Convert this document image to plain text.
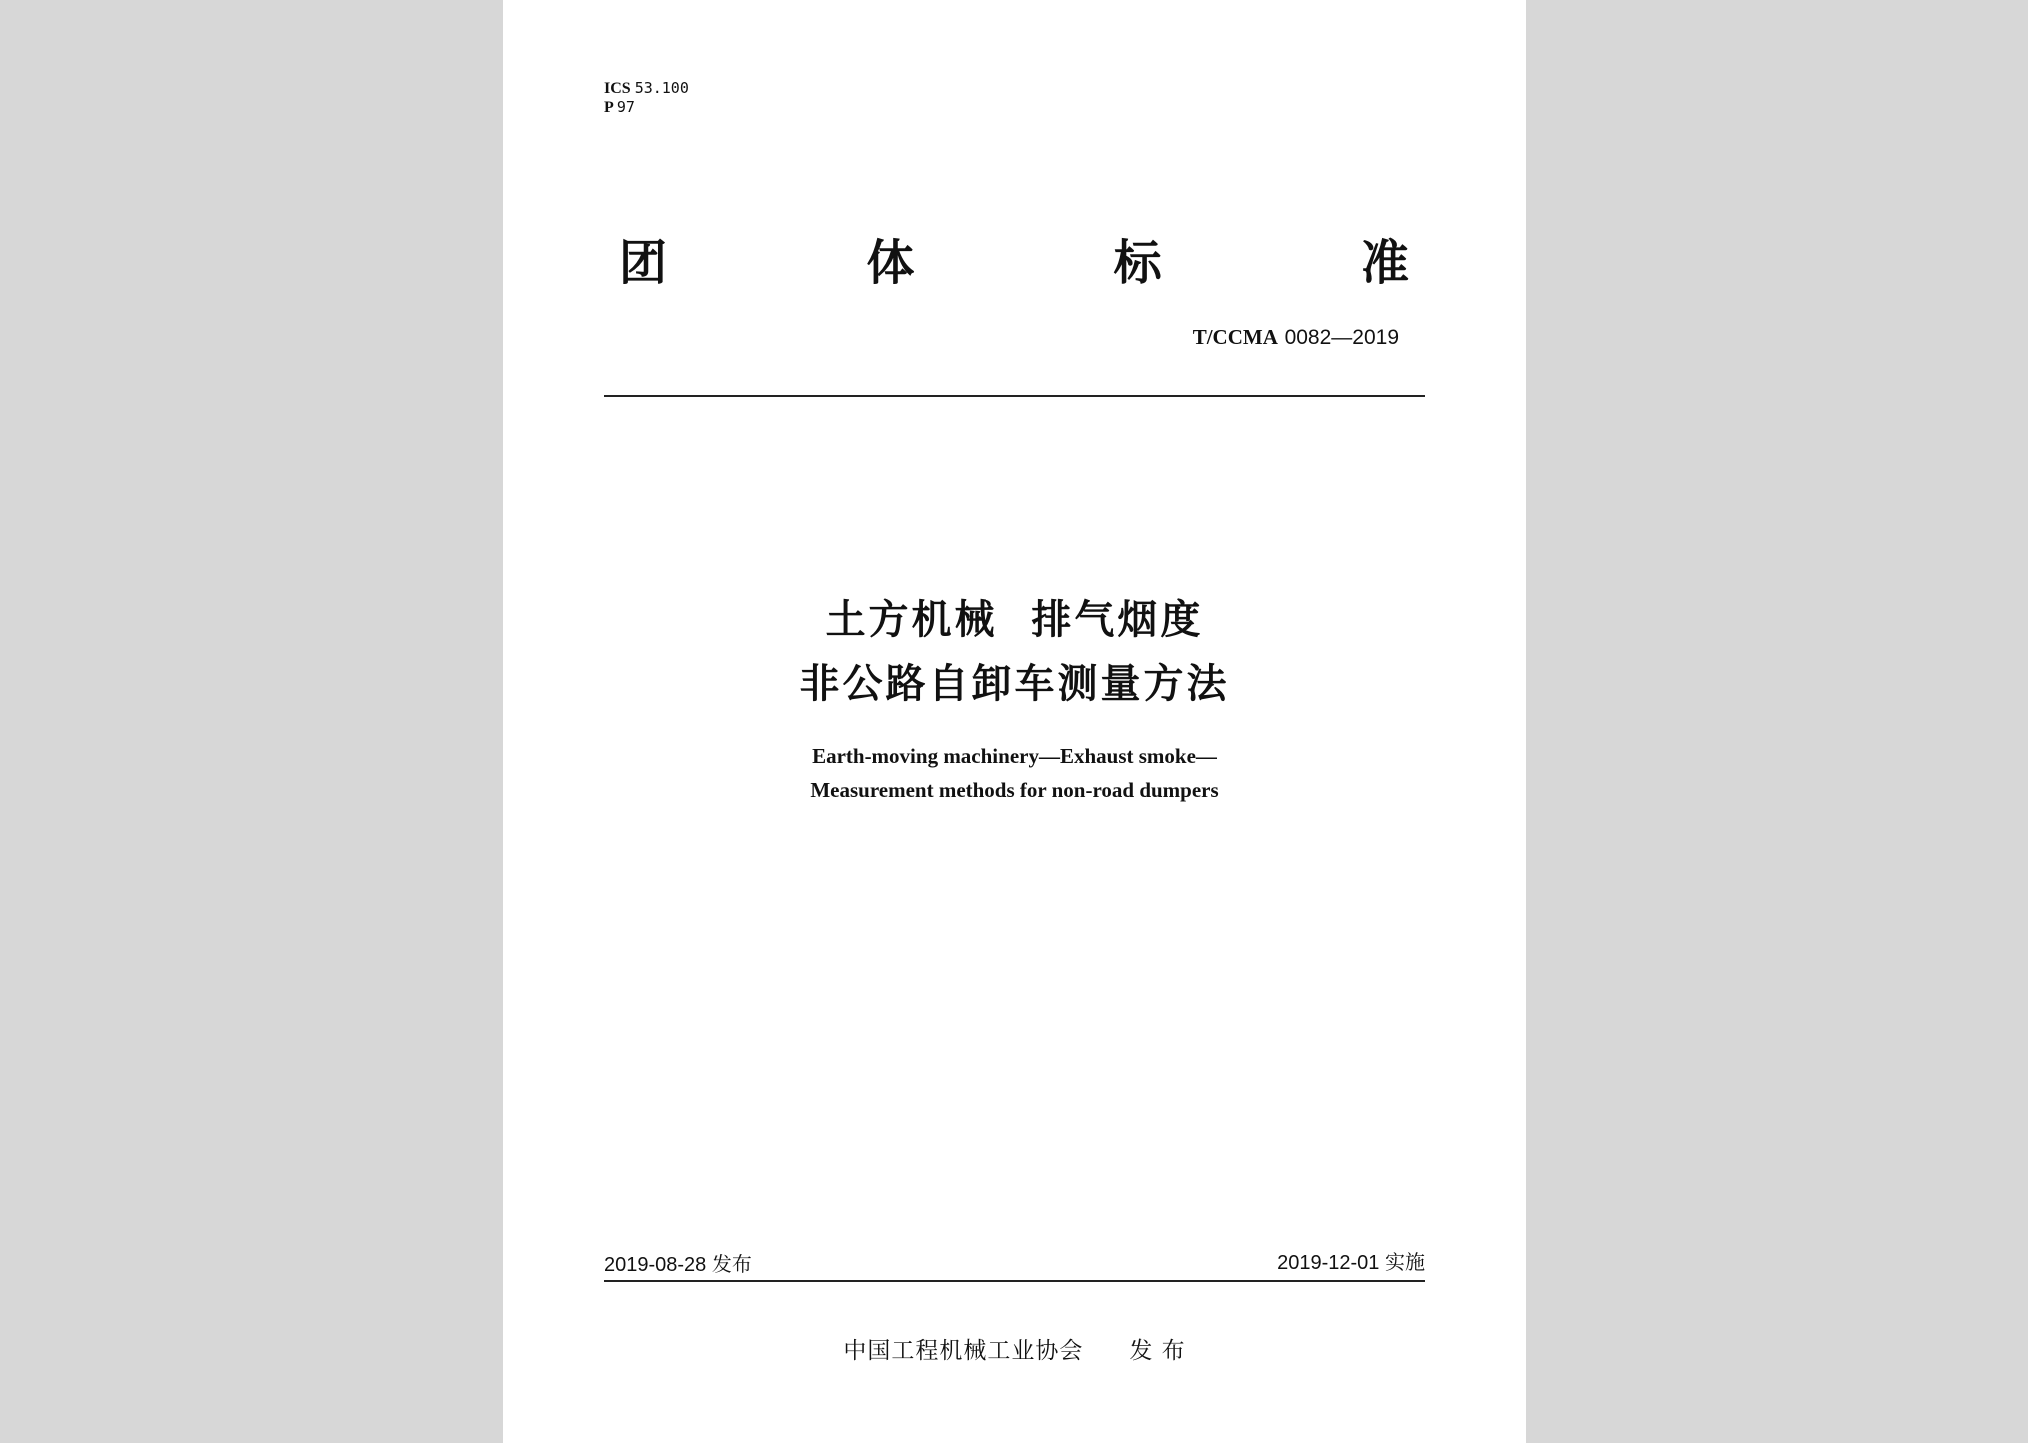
ICS 53.100
P 97
团	体	标	准
T/CCMA 0082—2019
土方机械  排气烟度
非公路自卸车测量方法
Earth-moving machinery—Exhaust smoke—
Measurement methods for non-road dumpers
2019-08-28 发布	2019-12-01 实施
中国工程机械工业协会 发 布
